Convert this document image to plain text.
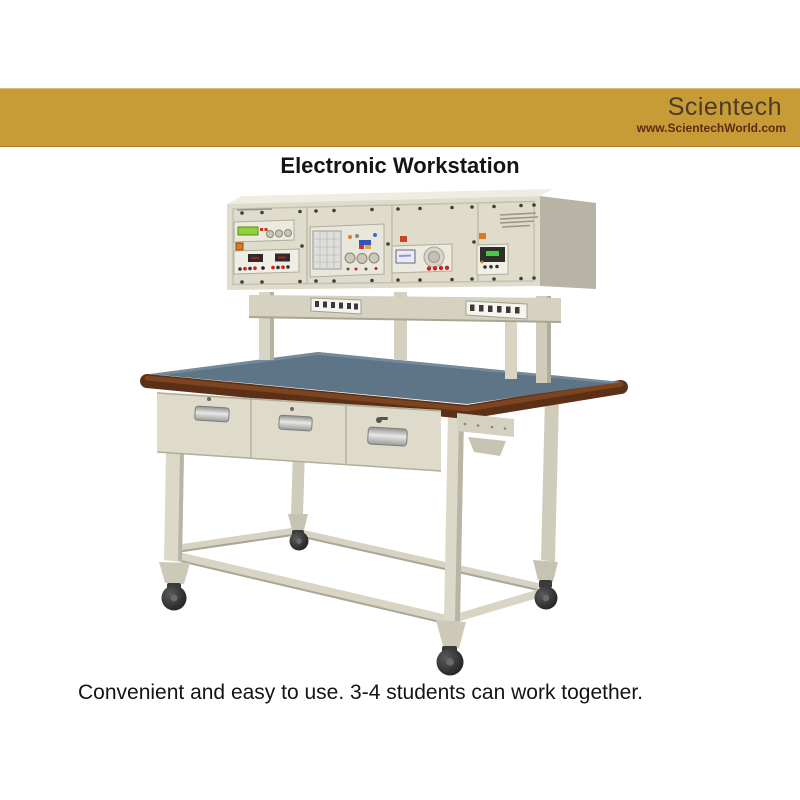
Scientech
www.ScientechWorld.com
Electronic Workstation
Convenient and easy to use. 3-4 students can work together.
